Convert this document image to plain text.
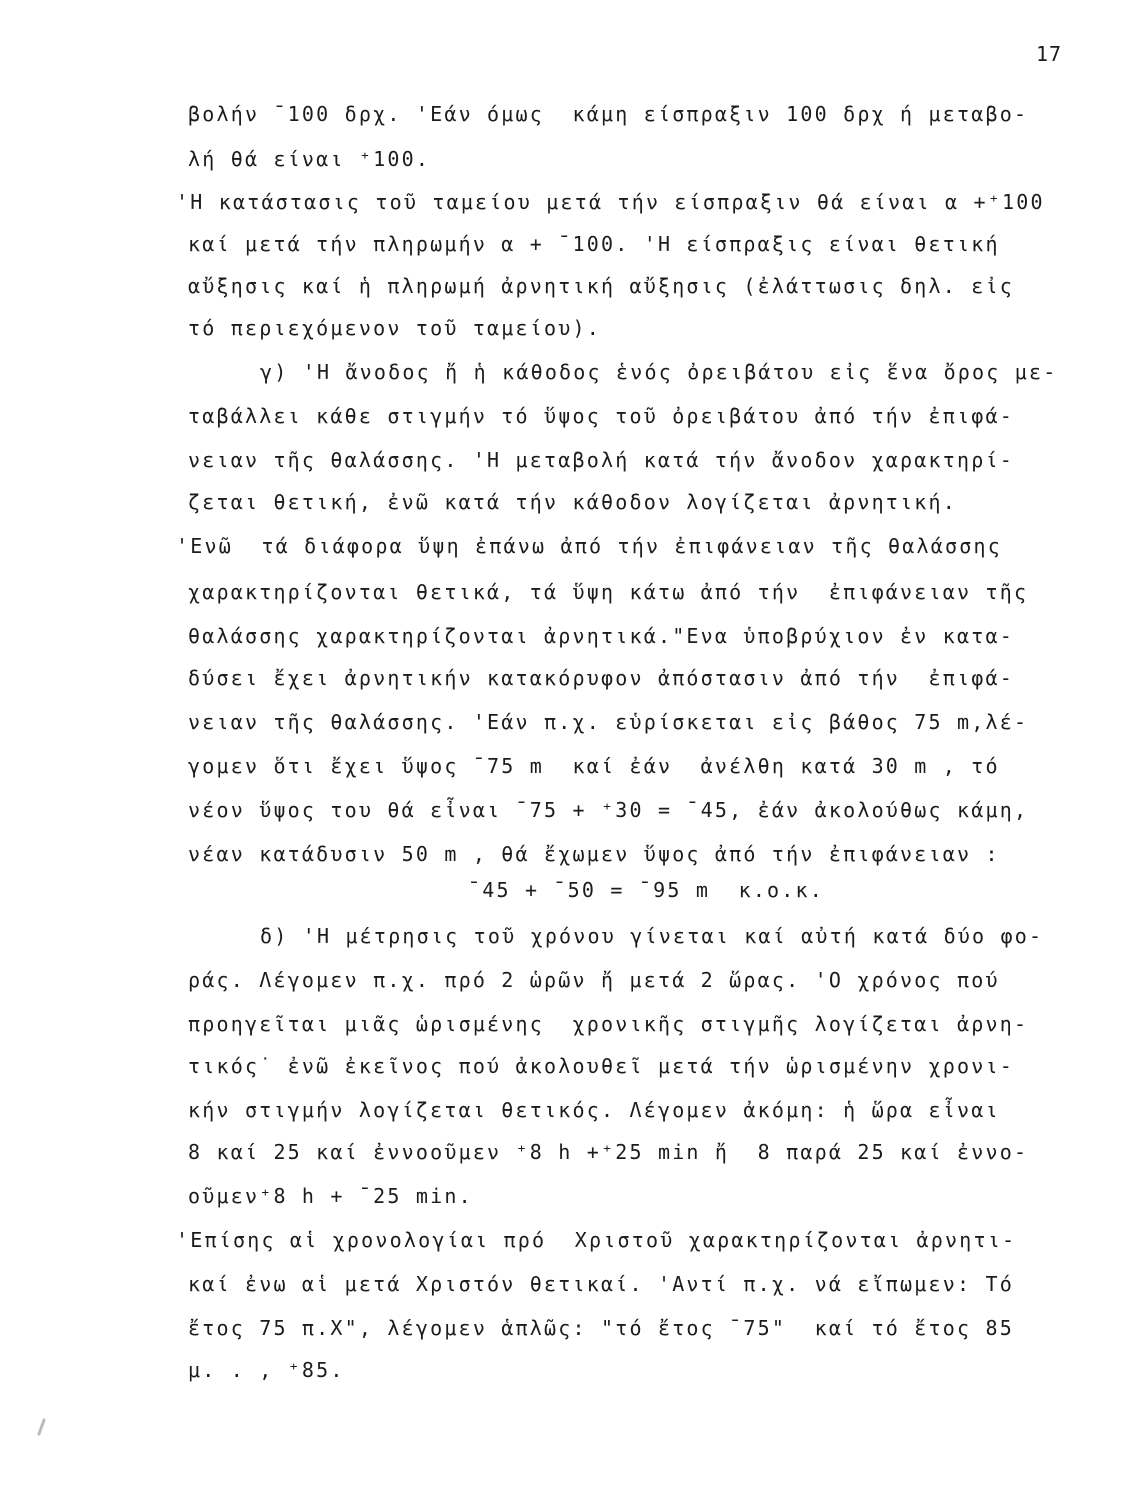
17
βολήν ¯100 δρχ. 'Εάν όμως  κάμη είσπραξιν 100 δρχ ή μεταβο-
λή θά είναι ⁺100.
'Η κατάστασις τοῦ ταμείου μετά τήν είσπραξιν θά είναι α +⁺100
καί μετά τήν πληρωμήν α + ¯100. 'Η είσπραξις είναι θετική
αὔξησις καί ἡ πληρωμή ἀρνητική αὔξησις (ἐλάττωσις δηλ. εἰς
τό περιεχόμενον τοῦ ταμείου).
γ) 'Η ἄνοδος ἤ ἡ κάθοδος ἑνός ὀρειβάτου εἰς ἕνα ὄρος με-
ταβάλλει κάθε στιγμήν τό ὕψος τοῦ ὀρειβάτου ἀπό τήν ἐπιφά-
νειαν τῆς θαλάσσης. 'Η μεταβολή κατά τήν ἄνοδον χαρακτηρί-
ζεται θετική, ἐνῶ κατά τήν κάθοδον λογίζεται ἀρνητική.
'Ενῶ  τά διάφορα ὕψη ἐπάνω ἀπό τήν ἐπιφάνειαν τῆς θαλάσσης
χαρακτηρίζονται θετικά, τά ὕψη κάτω ἀπό τήν  ἐπιφάνειαν τῆς
θαλάσσης χαρακτηρίζονται ἀρνητικά."Ενα ὑποβρύχιον ἐν κατα-
δύσει ἔχει ἀρνητικήν κατακόρυφον ἀπόστασιν ἀπό τήν  ἐπιφά-
νειαν τῆς θαλάσσης. 'Εάν π.χ. εὑρίσκεται εἰς βάθος 75 m,λέ-
γομεν ὅτι ἔχει ὕψος ¯75 m  καί ἐάν  ἀνέλθη κατά 30 m , τό
νέον ὕψος του θά εἶναι ¯75 + ⁺30 = ¯45, ἐάν ἀκολούθως κάμη,
νέαν κατάδυσιν 50 m , θά ἔχωμεν ὕψος ἀπό τήν ἐπιφάνειαν :
¯45 + ¯50 = ¯95 m  κ.ο.κ.
δ) 'Η μέτρησις τοῦ χρόνου γίνεται καί αὐτή κατά δύο φο-
ράς. Λέγομεν π.χ. πρό 2 ὡρῶν ἤ μετά 2 ὥρας. 'Ο χρόνος πού
προηγεῖται μιᾶς ὡρισμένης  χρονικῆς στιγμῆς λογίζεται ἀρνη-
τικός˙ ἐνῶ ἐκεῖνος πού ἀκολουθεῖ μετά τήν ὡρισμένην χρονι-
κήν στιγμήν λογίζεται θετικός. Λέγομεν ἀκόμη: ἡ ὥρα εἶναι
8 καί 25 καί ἐννοοῦμεν ⁺8 h +⁺25 min ἤ  8 παρά 25 καί ἐννο-
οῦμεν⁺8 h + ¯25 min.
'Επίσης αἱ χρονολογίαι πρό  Χριστοῦ χαρακτηρίζονται ἀρνητι-
καί ἐνω αἱ μετά Χριστόν θετικαί. 'Αντί π.χ. νά εἴπωμεν: Τό
ἔτος 75 π.Χ", λέγομεν ἁπλῶς: "τό ἔτος ¯75"  καί τό ἔτος 85
μ. . , ⁺85.
